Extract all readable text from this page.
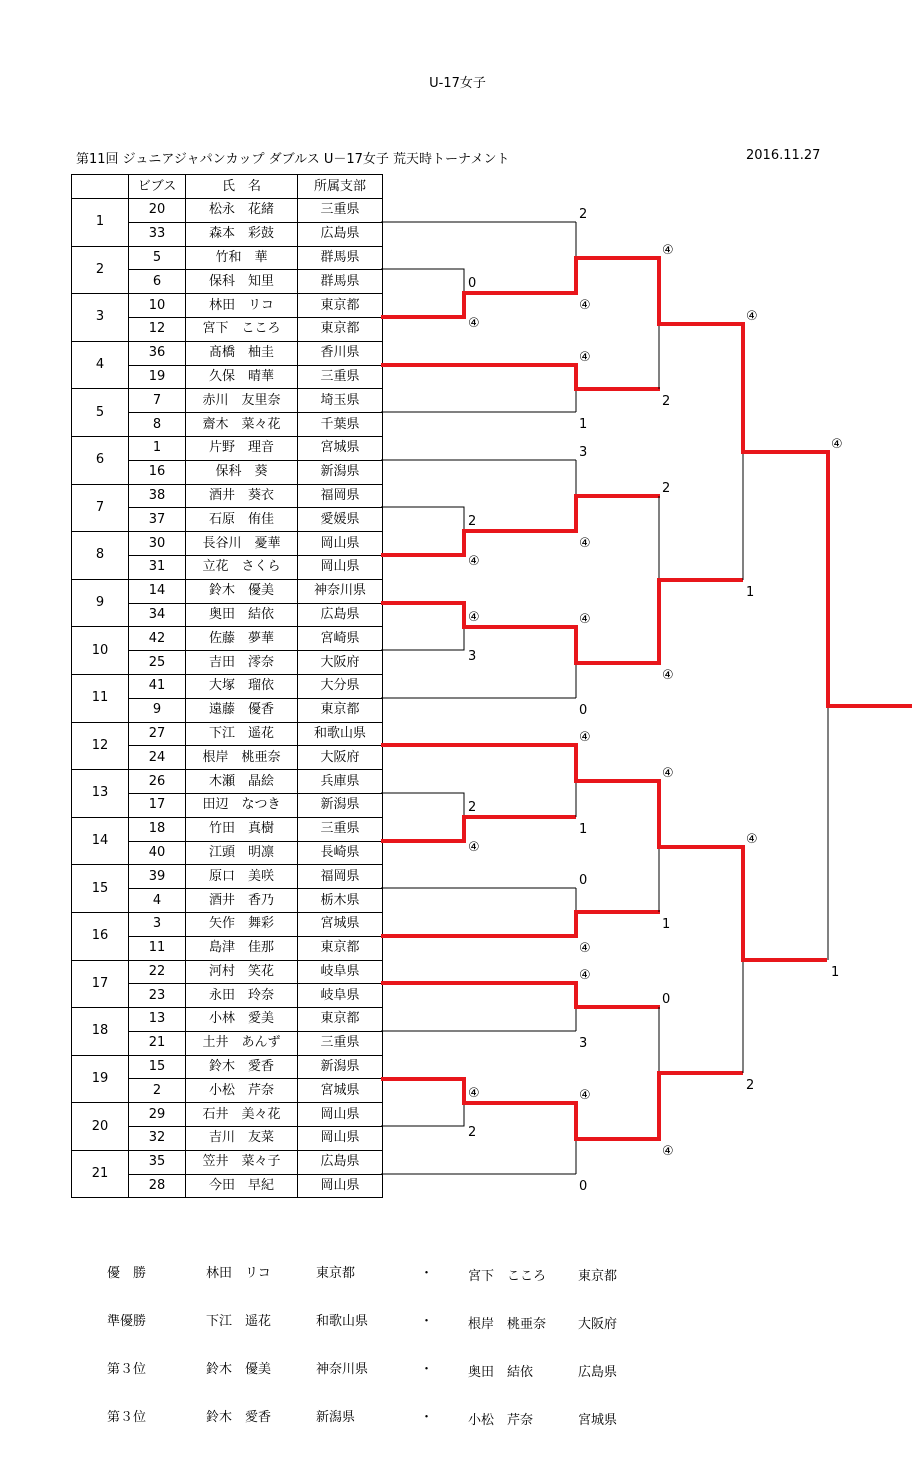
U-17女子
第11回 ジュニアジャパンカップ ダブルス U－17女子 荒天時トーナメント	2016.11.27
	ビブス	氏　名	所属支部
1	20	松永　花緒	三重県
	33	森本　彩鼓	広島県
2	5	竹和　華	群馬県
	6	保科　知里	群馬県
3	10	林田　リコ	東京都
	12	宮下　こころ	東京都
4	36	髙橋　柚圭	香川県
	19	久保　晴華	三重県
5	7	赤川　友里奈	埼玉県
	8	齋木　菜々花	千葉県
6	1	片野　理音	宮城県
	16	保科　葵	新潟県
7	38	酒井　葵衣	福岡県
	37	石原　侑佳	愛媛県
8	30	長谷川　憂華	岡山県
	31	立花　さくら	岡山県
9	14	鈴木　優美	神奈川県
	34	奥田　結依	広島県
10	42	佐藤　夢華	宮崎県
	25	吉田　澪奈	大阪府
11	41	大塚　瑠依	大分県
	9	遠藤　優香	東京都
12	27	下江　遥花	和歌山県
	24	根岸　桃亜奈	大阪府
13	26	木瀬　晶絵	兵庫県
	17	田辺　なつき	新潟県
14	18	竹田　真樹	三重県
	40	江頭　明凛	長崎県
15	39	原口　美咲	福岡県
	4	酒井　香乃	栃木県
16	3	矢作　舞彩	宮城県
	11	島津　佳那	東京都
17	22	河村　笑花	岐阜県
	23	永田　玲奈	岐阜県
18	13	小林　愛美	東京都
	21	土井　あんず	三重県
19	15	鈴木　愛香	新潟県
	2	小松　芹奈	宮城県
20	29	石井　美々花	岡山県
	32	吉川　友菜	岡山県
21	35	笠井　菜々子	広島県
	28	今田　早紀	岡山県
0
④
2
④
④
3
2
④
④
2
2
④
④
1
3
④
④
0
④
1
0
④
④
3
④
0
④
2
2
④
④
1
0
④
④
1
④
2
④
1
優　勝	林田　リコ	東京都	・	宮下　こころ 東京都
準優勝	下江　遥花	和歌山県	・	根岸　桃亜奈 大阪府
第３位	鈴木　優美	神奈川県	・	奥田　結依	広島県
第３位	鈴木　愛香	新潟県	・	小松　芹奈	宮城県
